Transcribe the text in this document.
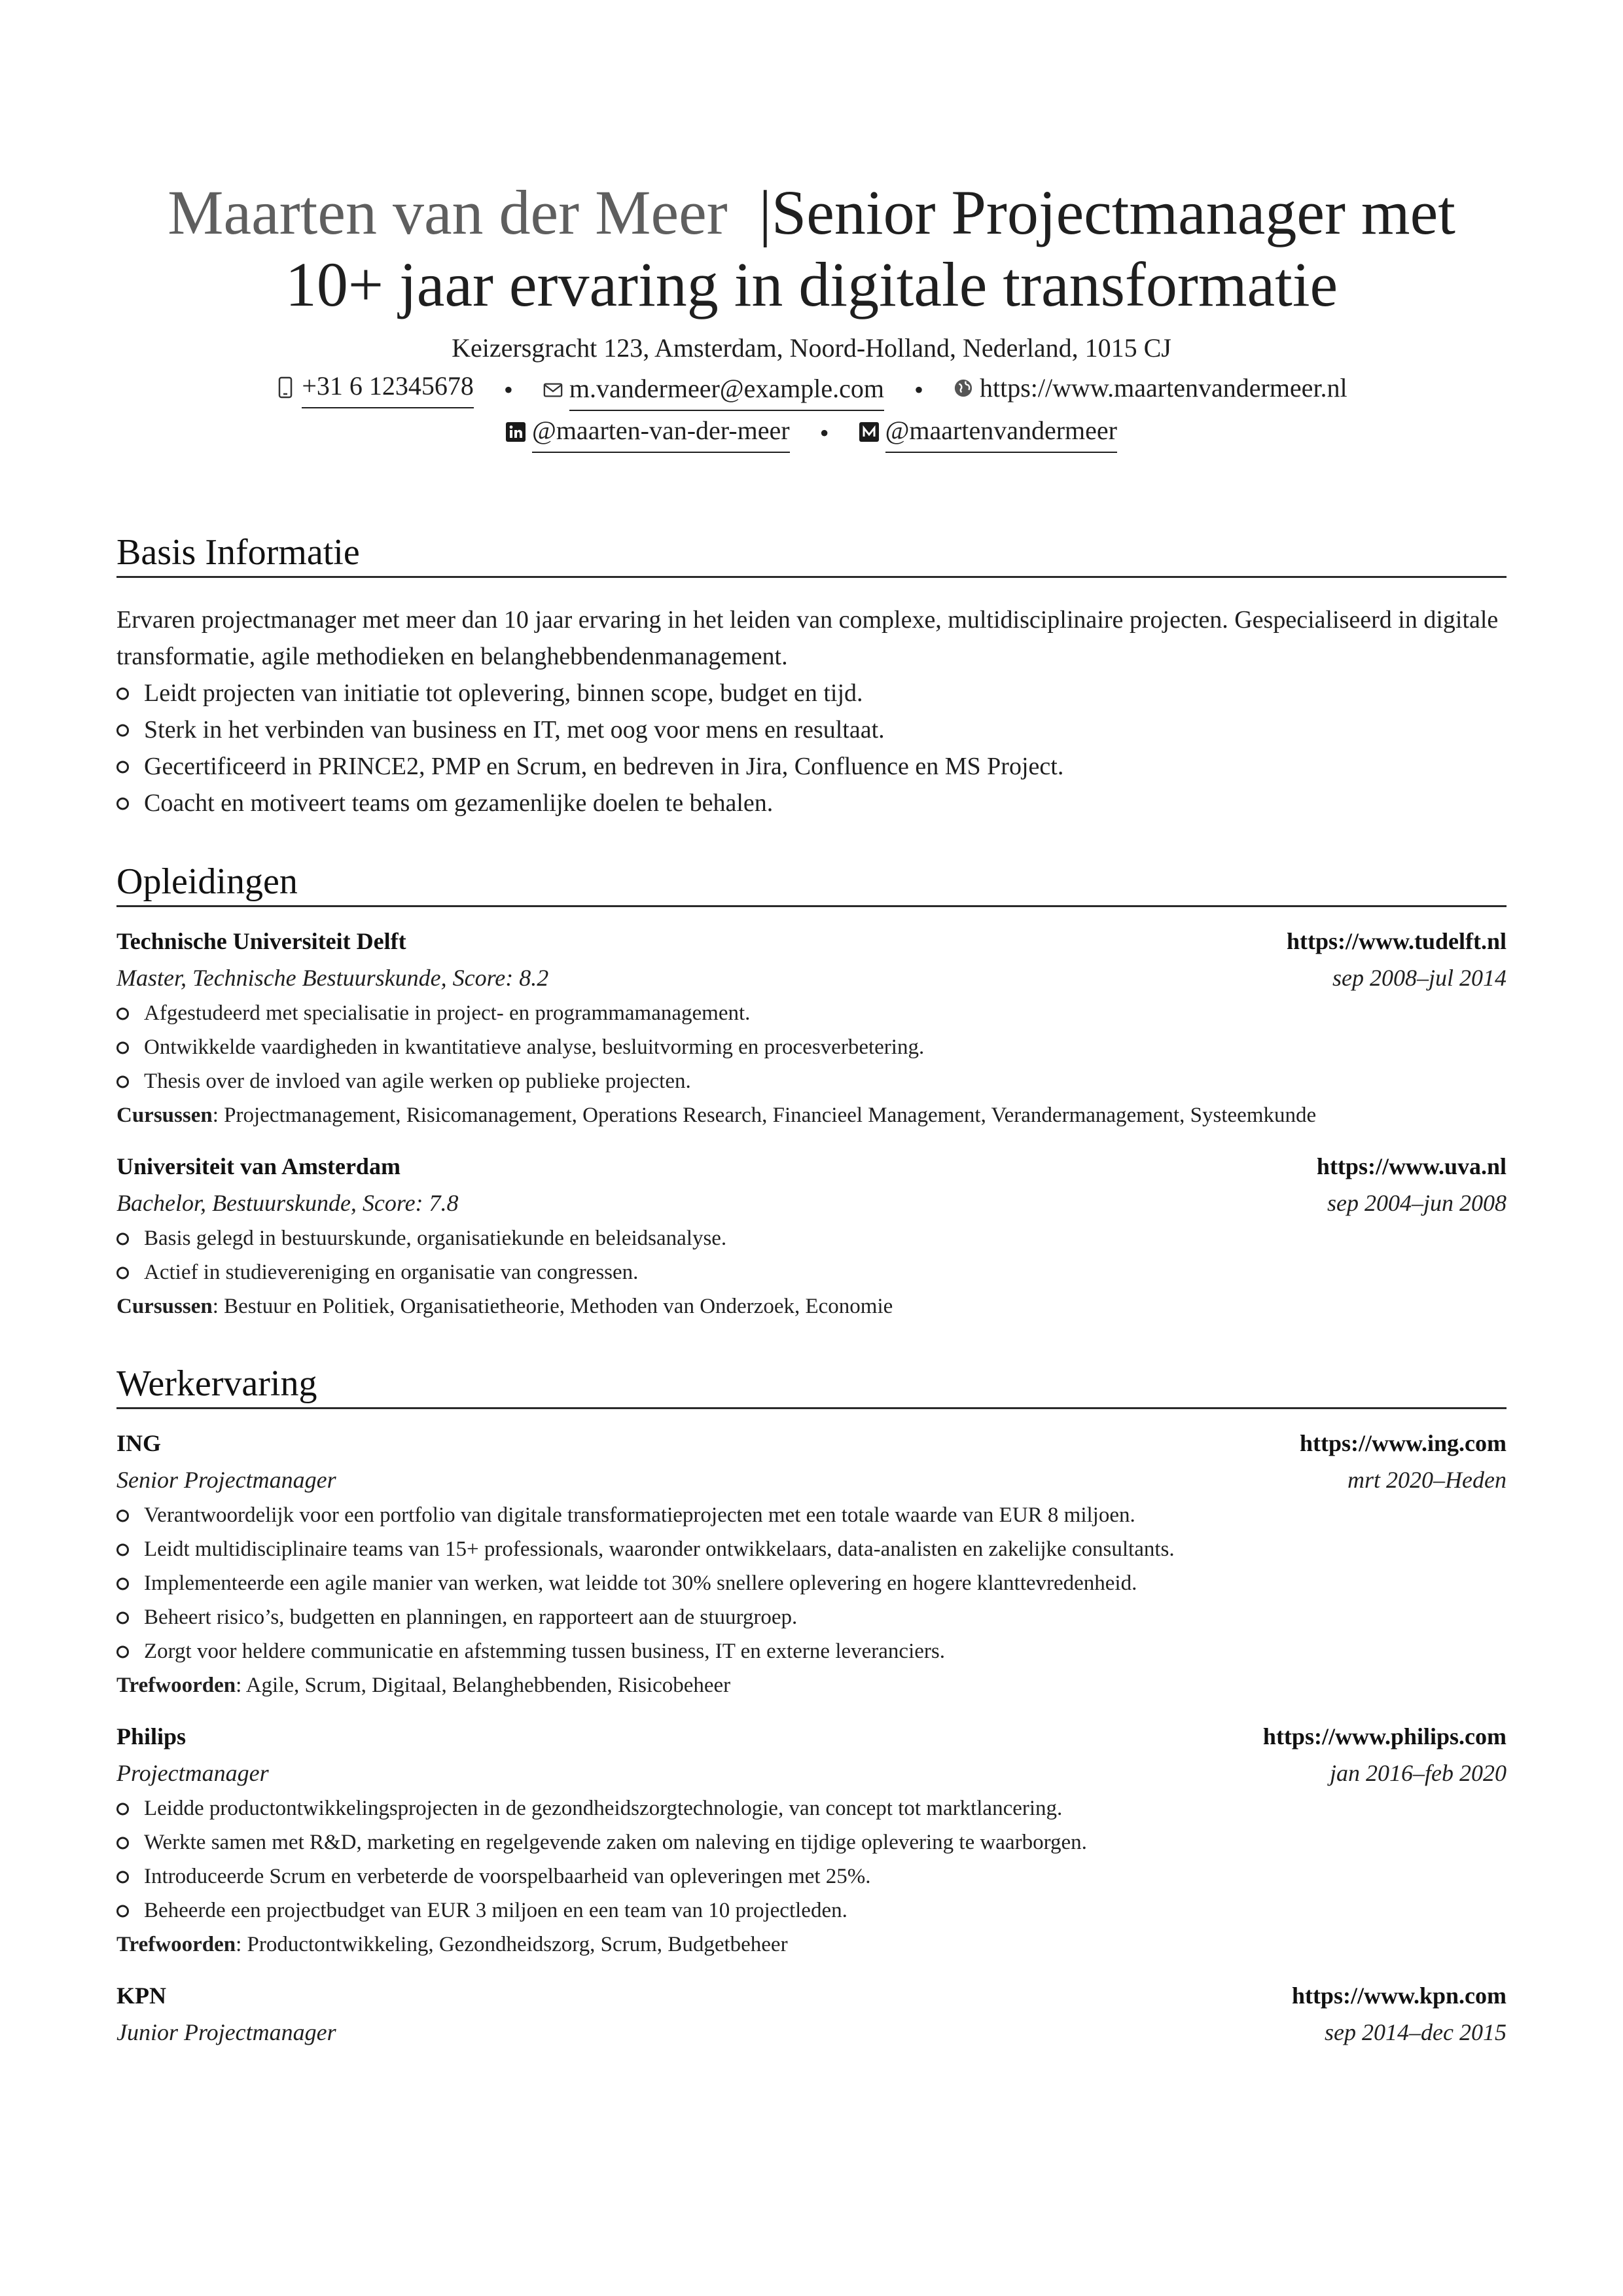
Maarten van der Meer |Senior Projectmanager met 10+ jaar ervaring in digitale transformatie
Keizersgracht 123, Amsterdam, Noord-Holland, Nederland, 1015 CJ
+31 6 12345678 • m.vandermeer@example.com • https://www.maartenvandermeer.nl
@maarten-van-der-meer • @maartenvandermeer
Basis Informatie
Ervaren projectmanager met meer dan 10 jaar ervaring in het leiden van complexe, multidisciplinaire projecten. Gespecialiseerd in digitale transformatie, agile methodieken en belanghebbendenmanagement.
Leidt projecten van initiatie tot oplevering, binnen scope, budget en tijd.
Sterk in het verbinden van business en IT, met oog voor mens en resultaat.
Gecertificeerd in PRINCE2, PMP en Scrum, en bedreven in Jira, Confluence en MS Project.
Coacht en motiveert teams om gezamenlijke doelen te behalen.
Opleidingen
Technische Universiteit Delft	https://www.tudelft.nl
Master, Technische Bestuurskunde, Score: 8.2	sep 2008–jul 2014
Afgestudeerd met specialisatie in project- en programmamanagement.
Ontwikkelde vaardigheden in kwantitatieve analyse, besluitvorming en procesverbetering.
Thesis over de invloed van agile werken op publieke projecten.
Cursussen: Projectmanagement, Risicomanagement, Operations Research, Financieel Management, Verandermanagement, Systeemkunde
Universiteit van Amsterdam	https://www.uva.nl
Bachelor, Bestuurskunde, Score: 7.8	sep 2004–jun 2008
Basis gelegd in bestuurskunde, organisatiekunde en beleidsanalyse.
Actief in studievereniging en organisatie van congressen.
Cursussen: Bestuur en Politiek, Organisatietheorie, Methoden van Onderzoek, Economie
Werkervaring
ING	https://www.ing.com
Senior Projectmanager	mrt 2020–Heden
Verantwoordelijk voor een portfolio van digitale transformatieprojecten met een totale waarde van EUR 8 miljoen.
Leidt multidisciplinaire teams van 15+ professionals, waaronder ontwikkelaars, data-analisten en zakelijke consultants.
Implementeerde een agile manier van werken, wat leidde tot 30% snellere oplevering en hogere klanttevredenheid.
Beheert risico’s, budgetten en planningen, en rapporteert aan de stuurgroep.
Zorgt voor heldere communicatie en afstemming tussen business, IT en externe leveranciers.
Trefwoorden: Agile, Scrum, Digitaal, Belanghebbenden, Risicobeheer
Philips	https://www.philips.com
Projectmanager	jan 2016–feb 2020
Leidde productontwikkelingsprojecten in de gezondheidszorgtechnologie, van concept tot marktlancering.
Werkte samen met R&D, marketing en regelgevende zaken om naleving en tijdige oplevering te waarborgen.
Introduceerde Scrum en verbeterde de voorspelbaarheid van opleveringen met 25%.
Beheerde een projectbudget van EUR 3 miljoen en een team van 10 projectleden.
Trefwoorden: Productontwikkeling, Gezondheidszorg, Scrum, Budgetbeheer
KPN	https://www.kpn.com
Junior Projectmanager	sep 2014–dec 2015
